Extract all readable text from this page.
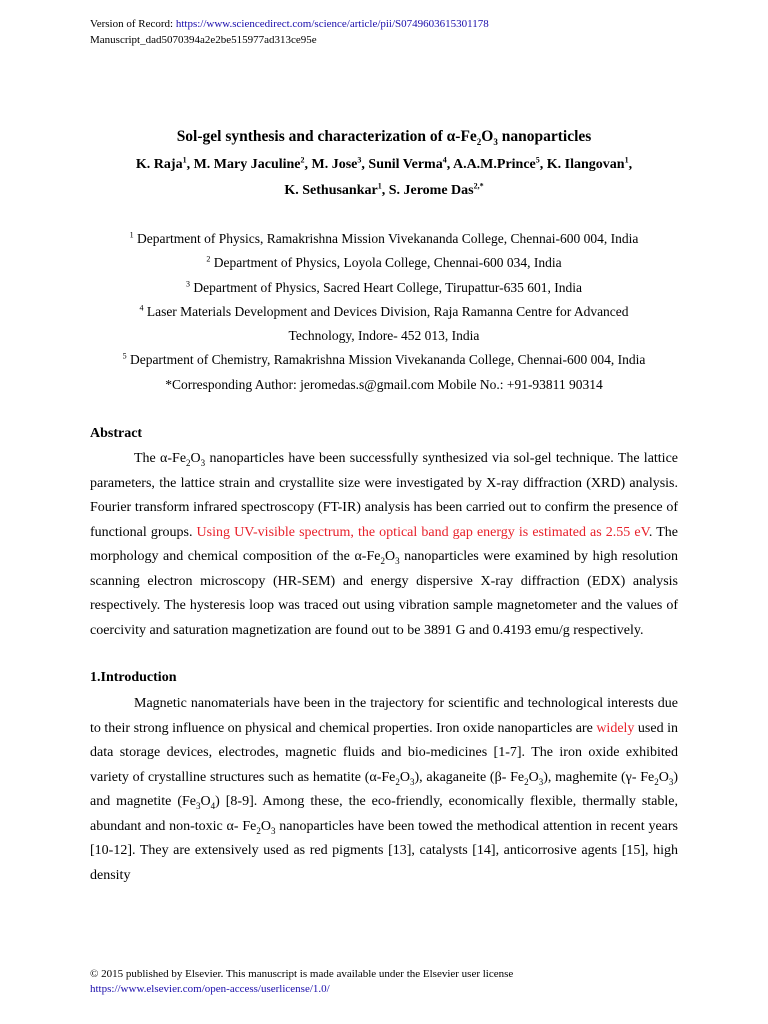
Version of Record: https://www.sciencedirect.com/science/article/pii/S0749603615301178
Manuscript_dad5070394a2e2be515977ad313ce95e
Sol-gel synthesis and characterization of $\alpha-Fe_2O_3$ nanoparticles
K. Raja$^1$, M. Mary Jaculine$^2$, M. Jose$^3$, Sunil Verma$^4$, A.A.M.Prince$^5$, K. Ilangovan$^1$,
K. Sethusankar$^1$, S. Jerome Das$^{2,*}$
$^1$ Department of Physics, Ramakrishna Mission Vivekananda College, Chennai-600 004, India
$^2$ Department of Physics, Loyola College, Chennai-600 034, India
$^3$ Department of Physics, Sacred Heart College, Tirupattur-635 601, India
$^4$ Laser Materials Development and Devices Division, Raja Ramanna Centre for Advanced
Technology, Indore- 452 013, India
$^5$ Department of Chemistry, Ramakrishna Mission Vivekananda College, Chennai-600 004, India
*Corresponding Author: jeromedas.s@gmail.com Mobile No.: +91-93811 90314
Abstract
The $\alpha-Fe_2O_3$ nanoparticles have been successfully synthesized via sol-gel technique. The lattice parameters, the lattice strain and crystallite size were investigated by X-ray diffraction (XRD) analysis. Fourier transform infrared spectroscopy (FT-IR) analysis has been carried out to confirm the presence of functional groups. Using UV-visible spectrum, the optical band gap energy is estimated as 2.55 eV. The morphology and chemical composition of the $\alpha-Fe_2O_3$ nanoparticles were examined by high resolution scanning electron microscopy (HR-SEM) and energy dispersive X-ray diffraction (EDX) analysis respectively. The hysteresis loop was traced out using vibration sample magnetometer and the values of coercivity and saturation magnetization are found out to be 3891 G and 0.4193 emu/g respectively.
1.Introduction
Magnetic nanomaterials have been in the trajectory for scientific and technological interests due to their strong influence on physical and chemical properties. Iron oxide nanoparticles are widely used in data storage devices, electrodes, magnetic fluids and bio-medicines [1-7]. The iron oxide exhibited variety of crystalline structures such as hematite $(\alpha-Fe_2O_3)$, akaganeite (β- $Fe_2O_3$), maghemite (γ- $Fe_2O_3$) and magnetite $(Fe_3O_4)$ [8-9]. Among these, the eco-friendly, economically flexible, thermally stable, abundant and non-toxic α- $Fe_2O_3$ nanoparticles have been towed the methodical attention in recent years [10-12]. They are extensively used as red pigments [13], catalysts [14], anticorrosive agents [15], high density
© 2015 published by Elsevier. This manuscript is made available under the Elsevier user license
https://www.elsevier.com/open-access/userlicense/1.0/
